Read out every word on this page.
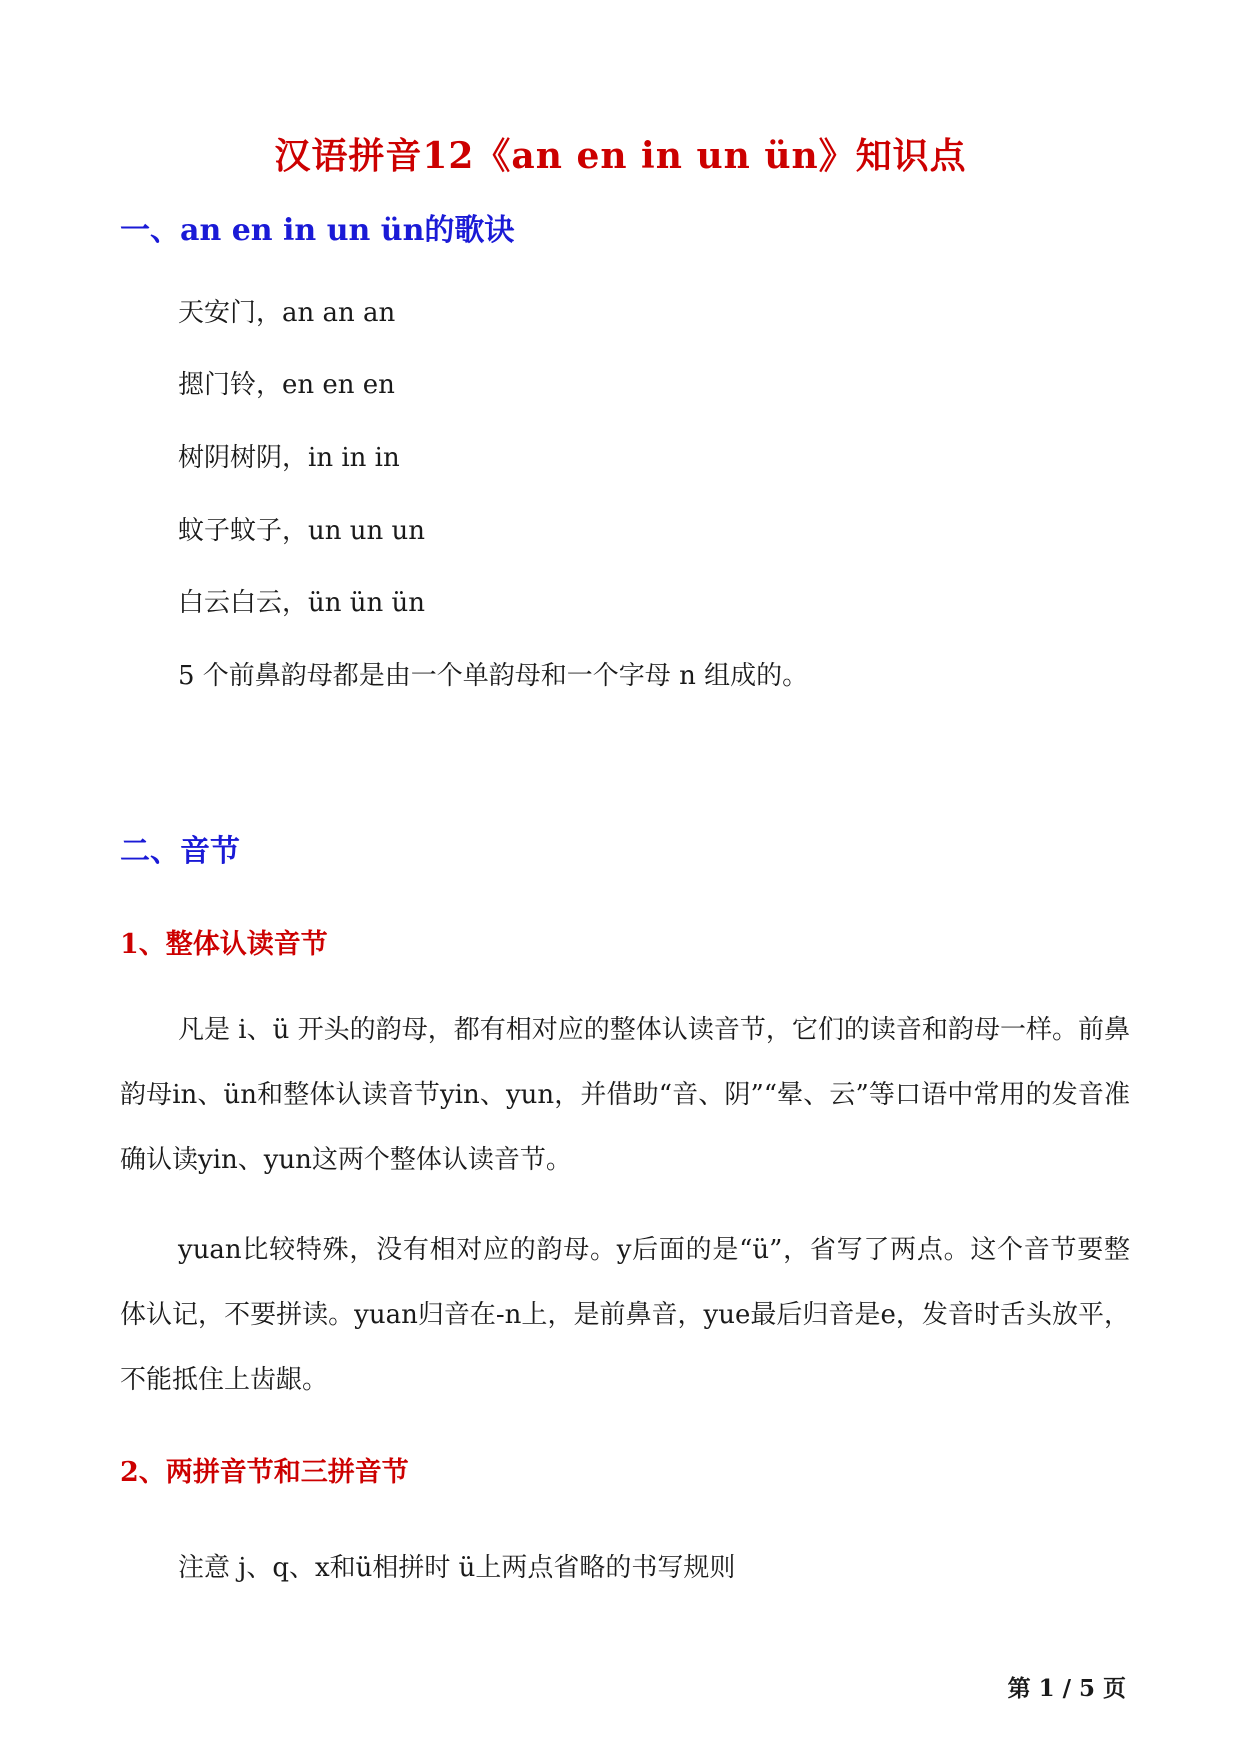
汉语拼音12《an en in un ün》知识点
一、an en in un ün的歌诀
天安门，an an an
摁门铃，en en en
树阴树阴，in in in
蚊子蚊子，un un un
白云白云，ün ün ün
5 个前鼻韵母都是由一个单韵母和一个字母 n 组成的。
二、音节
1、整体认读音节
凡是 i、ü 开头的韵母，都有相对应的整体认读音节，它们的读音和韵母一样。前鼻韵母in、ün和整体认读音节yin、yun，并借助“音、阴”“晕、云”等口语中常用的发音准确认读yin、yun这两个整体认读音节。
yuan比较特殊，没有相对应的韵母。y后面的是“ü”，省写了两点。这个音节要整体认记，不要拼读。yuan归音在-n上，是前鼻音，yue最后归音是e，发音时舌头放平，不能抵住上齿龈。
2、两拼音节和三拼音节
注意 j、q、x和ü相拼时 ü上两点省略的书写规则
第 1 / 5 页
